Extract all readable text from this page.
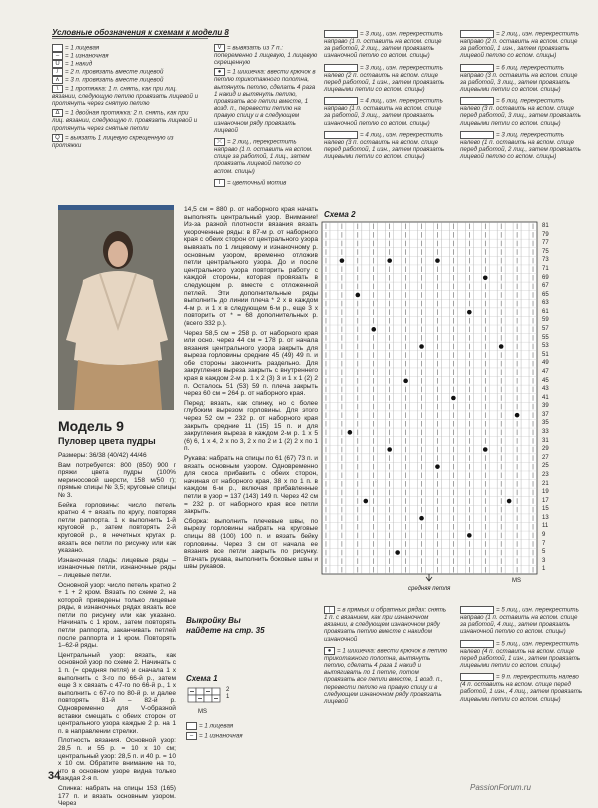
Условные обозначения к схемам к модели 8
= 1 лицевая
– = 1 изнаночная
U = 1 накид
/ = 2 п. провязать вместе лицевой
∧ = 3 п. провязать вместе лицевой
\ = 1 протяжка: 1 п. снять, как при лиц. вязании, следующую петлю провязать лицевой и протянуть через снятую петлю
Δ = 1 двойная протяжка: 2 п. снять, как при лиц. вязании, следующую п. провязать лицевой и протянуть через снятые петли
Q = выязать 1 лицевую скрещенную из протяжки
V = вывязать из 7 п.: попеременно 1 лицевую, 1 лицевую скрещенную
● = 1 шишечка: ввести крючок в петлю трикотажного полотна, вытянуть петлю, сделать 4 раза 1 накид и вытянуть петлю, провязать все петли вместе, 1 возд. п., перевести петлю на правую спицу и в следующем изнаночном ряду провязать лицевой
⤫ = 2 лиц., перекрестить направо (1 п. оставить на вспом. спице за работой, 1 лиц., затем провязать лицевой петлю со вспом. спицы)
I = цветочный мотив
= 3 лиц., изн. перекрестить направо (1 п. оставить на вспом. спице за работой, 2 лиц., затем провязать изнаночной петлю со вспом. спицы)
= 3 лиц., изн. перекрестить налево (2 п. оставить на вспом. спице перед работой, 1 изн., затем провязать лицевыми петли со вспом. спицы)
= 4 лиц., изн. перекрестить направо (1 п. оставить на вспом. спице за работой, 3 лиц., затем провязать изнаночной петлю со вспом. спицы)
= 4 лиц., изн. перекрестить налево (3 п. оставить на вспом. спице перед работой, 1 изн., затем провязать лицевыми петли со вспом. спицы)
= 2 лиц., изн. перекрестить направо (2 п. оставить на вспом. спице за работой, 1 изн., затем провязать лицевой петлю со вспом. спицы)
= 6 лиц. перекрестить направо (3 п. оставить на вспом. спице за работой, 3 лиц., затем провязать лицевыми петли со вспом. спицы)
= 6 лиц. перекрестить налево (3 п. оставить на вспом. спице перед работой, 3 лиц., затем провязать лицевыми петли со вспом. спицы)
= 3 лиц. перекрестить налево (1 п. оставить на вспом. спице перед работой, 2 лиц., затем провязать лицевой петлю со вспом. спицы)
Модель 9
Пуловер цвета пудры

Размеры: 36/38 (40/42) 44/46

Вам потребуется: 800 (850) 900 г пряжи цвета пудры (100% мериносовой шерсти, 158 м/50 г); прямые спицы № 3,5; круговые спицы № 3.

Бейка горловины: число петель кратно 4 + вязать по кругу, повторяя петли раппорта. 1 к выполнить 1-й круговой р., затем повторять 2-й круговой р., в нечетных кругах р. вязать все петли по рисунку или как указано.

Изнаночная гладь: лицевые ряды – изнаночные петли, изнаночные ряды – лицевые петли.

Основной узор: число петель кратно 2 + 1 + 2 кром. Вязать по схеме 2, на которой приведены только лицевые ряды, в изнаночных рядах вязать все петли по рисунку или как указано. Начинать с 1 кром., затем повторять петли раппорта, заканчивать петлей после раппорта и 1 кром. Повторять 1–62-й ряды.

Центральный узор: вязать, как основной узор по схеме 2. Начинать с 1 п. (= средняя петля) и сначала 1 x выполнить с 3-го по 66-й р., затем еще 3 x связать с 47-го по 66-й р., 1 x выполнить с 67-го по 80-й р. и далее повторять 81-й – 82-й р. Одновременно для V-образной вставки смещать с обеих сторон от центрального узора каждые 2 р. на 1 п. в направлении стрелки.

Плотность вязания. Основной узор: 28,5 п. и 55 р. = 10 х 10 см; центральный узор: 28,5 п. и 40 р. = 10 x 10 см. Обратите внимание на то, что в основном узоре видна только каждая 2-я п.

Спинка: набрать на спицы 153 (165) 177 п. и вязать основным узором. Через

14,5 см = 880 р. от наборного края начать выполнять центральный узор. Внимание! Из-за разной плотности вязания вязать укороченные ряды: в 87-м р. от наборного края с обеих сторон от центрального узора вывязать по 1 лицевому и изнаночному р. основным узором, временно отложив петли центрального узора. До и после центрального узора повторить работу с каждой стороны, которая провязать в следующем р. вместе с отложенной петлей. Эти дополнительные ряды выполнить до линии плеча * 2 x в каждом 4-м р. и 1 x в следующем 6-м р., еще 3 x повторить от * = 68 дополнительных р. (всего 332 р.).

Через 58,5 см = 258 р. от наборного края или осно. через 44 см = 178 р. от начала вязания центрального узора закрыть для выреза горловины средние 45 (49) 49 п. и обе стороны закончить раздельно. Для закругления выреза закрыть с внутреннего края в каждом 2-м р. 1 х 2 (3) 3 и 1 х 1 (2) 2 п. Осталось 51 (53) 59 п. плеча закрыть через 60 см = 264 р. от наборного края.

Перед: вязать, как спинку, но с более глубоким вырезом горловины. Для этого через 52 см = 232 р. от наборного края закрыть средние 11 (15) 15 п. и для закругления выреза в каждом 2-м р. 1 x 5 (6) 6, 1 x 4, 2 x по 3, 2 x по 2 и 1 (2) 2 x по 1 п.

Рукава: набрать на спицы по 61 (67) 73 п. и вязать основным узором. Одновременно для скоса прибавить с обеих сторон, начиная от наборного края, 38 х по 1 п. в каждом 6-м р., включая прибавленные петли в узор = 137 (143) 149 п. Через 42 см = 232 р. от наборного края все петли закрыть.

Сборка: выполнить плечевые швы, по вырезу горловины набрать на круговые спицы 88 (100) 100 п. и вязать бейку горловины. Через 3 см от начала ее вязания все петли закрыть по рисунку. Втачать рукава, выполнить боковые швы и швы рукавов.

Выкройку Вы найдете на стр. 35
Схема 1
2
1
MS
= 1 лицевая
– = 1 изнаночная
Схема 2
81
79
77
75
73
71
69
67
65
63
61
59
57
55
53
51
49
47
45
43
41
39
37
35
33
31
29
27
25
23
21
19
17
15
13
11
9
7
5
3
1
средняя петля
MS
| = в прямых и обратных рядах: снять 1 п. с вязанием, как при изнаночном вязании, в следующем изнаночном ряду провязать петлю вместе с накидом изнаночной
● = 1 шишечка: ввести крючок в петлю трикотажного полотна, вытянуть петлю, сделать 4 раза 1 накид и вытягивать по 1 петле, потом провязать все петли вместе, 1 возд. п., перевести петлю на правую спицу и в следующем изнаночном ряду провязать лицевой
= 5 лиц., изн. перекрестить направо (1 п. оставить на вспом. спице за работой, 4 лиц., затем провязать изнаночной петлю со вспом. спицы)
= 5 лиц., изн. перекрестить налево (4 п. оставить на вспом. спице перед работой, 1 изн., затем провязать лицевыми петли со вспом. спицы)
= 9 п. перекрестить налево (4 п. оставить на вспом. спице перед работой, 1 изн., 4 лиц., затем провязать лицевыми петли со вспом. спицы)
34
PassionForum.ru
